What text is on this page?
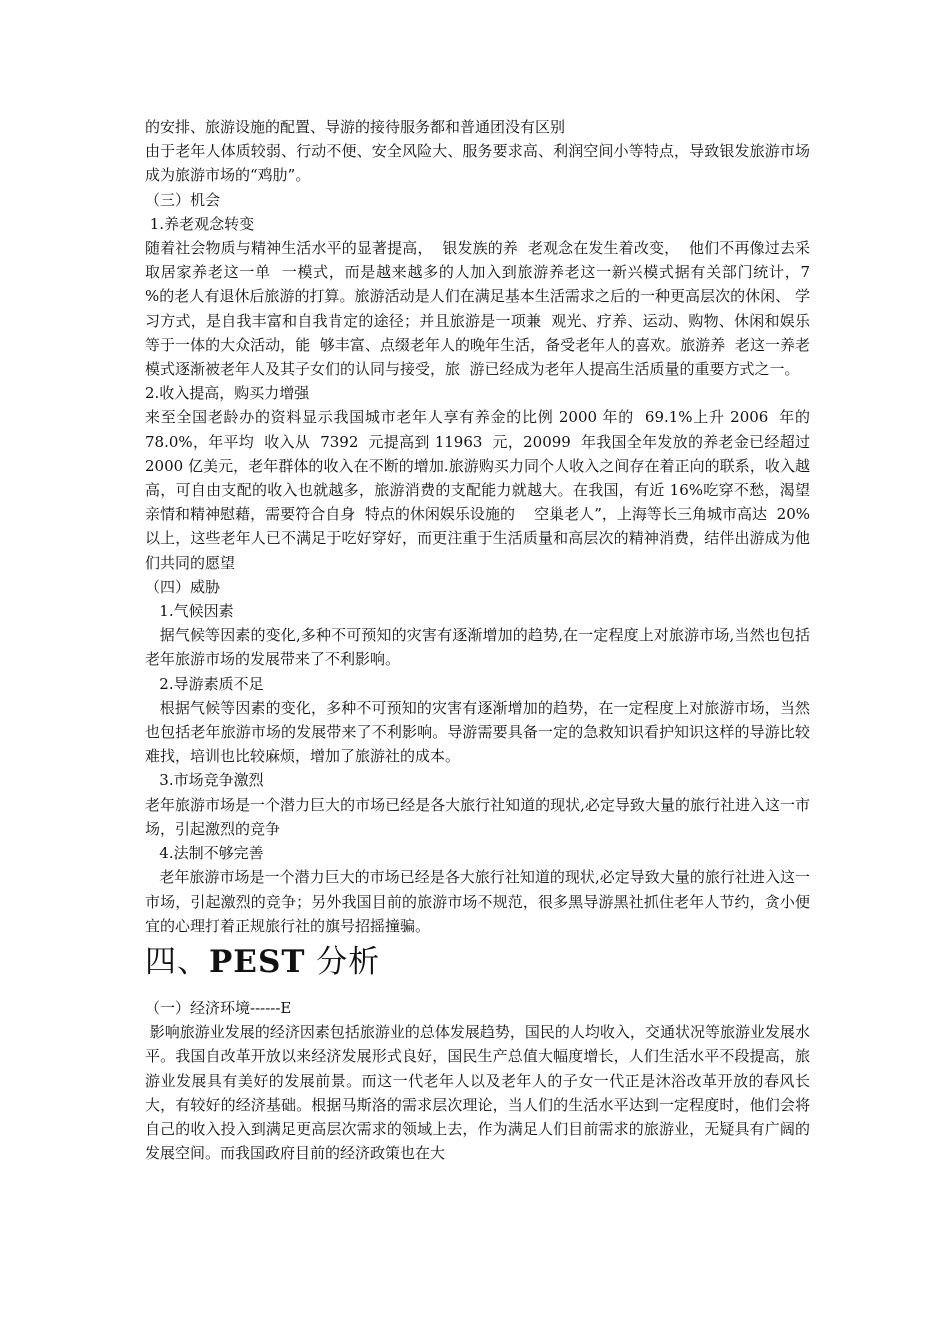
的安排、旅游设施的配置、导游的接待服务都和普通团没有区别

由于老年人体质较弱、行动不便、安全风险大、服务要求高、利润空间小等特点，导致银发旅游市场成为旅游市场的“鸡肋”。

（三）机会

1.养老观念转变

随着社会物质与精神生活水平的显著提高，  银发族的养  老观念在发生着改变，  他们不再像过去采取居家养老这一单  一模式，而是越来越多的人加入到旅游养老这一新兴模式据有关部门统计，7    %的老人有退休后旅游的打算。旅游活动是人们在满足基本生活需求之后的一种更高层次的休闲、 学习方式，是自我丰富和自我肯定的途径；并且旅游是一项兼  观光、疗养、运动、购物、休闲和娱乐等于一体的大众活动，能  够丰富、点缀老年人的晚年生活，备受老年人的喜欢。旅游养  老这一养老模式逐渐被老年人及其子女们的认同与接受，旅  游已经成为老年人提高生活质量的重要方式之一。

2.收入提高，购买力增强

来至全国老龄办的资料显示我国城市老年人享有养金的比例 2000 年的  69.1%上升 2006  年的  78.0%，年平均  收入从  7392  元提高到 11963  元，20099  年我国全年发放的养老金已经超过  2000 亿美元，老年群体的收入在不断的增加.旅游购买力同个人收入之间存在着正向的联系，收入越高，可自由支配的收入也就越多，旅游消费的支配能力就越大。在我国，有近 16%吃穿不愁，渴望亲情和精神慰藉，需要符合自身  特点的休闲娱乐设施的    空巢老人”，上海等长三角城市高达  20%以上，这些老年人已不满足于吃好穿好，而更注重于生活质量和高层次的精神消费，结伴出游成为他们共同的愿望

（四）威胁

1.气候因素

据气候等因素的变化,多种不可预知的灾害有逐渐增加的趋势,在一定程度上对旅游市场,当然也包括老年旅游市场的发展带来了不利影响。

2.导游素质不足

根据气候等因素的变化，多种不可预知的灾害有逐渐增加的趋势，在一定程度上对旅游市场，当然也包括老年旅游市场的发展带来了不利影响。导游需要具备一定的急救知识看护知识这样的导游比较难找，培训也比较麻烦，增加了旅游社的成本。

3.市场竞争激烈

老年旅游市场是一个潜力巨大的市场已经是各大旅行社知道的现状,必定导致大量的旅行社进入这一市场，引起激烈的竞争

4.法制不够完善

老年旅游市场是一个潜力巨大的市场已经是各大旅行社知道的现状,必定导致大量的旅行社进入这一市场，引起激烈的竞争；另外我国目前的旅游市场不规范，很多黑导游黑社抓住老年人节约，贪小便宜的心理打着正规旅行社的旗号招摇撞骗。

四、PEST 分析

（一）经济环境------E

影响旅游业发展的经济因素包括旅游业的总体发展趋势，国民的人均收入，交通状况等旅游业发展水平。我国自改革开放以来经济发展形式良好，国民生产总值大幅度增长，人们生活水平不段提高，旅游业发展具有美好的发展前景。而这一代老年人以及老年人的子女一代正是沐浴改革开放的春风长大，有较好的经济基础。根据马斯洛的需求层次理论，当人们的生活水平达到一定程度时，他们会将自己的收入投入到满足更高层次需求的领域上去，作为满足人们目前需求的旅游业，无疑具有广阔的发展空间。而我国政府目前的经济政策也在大
